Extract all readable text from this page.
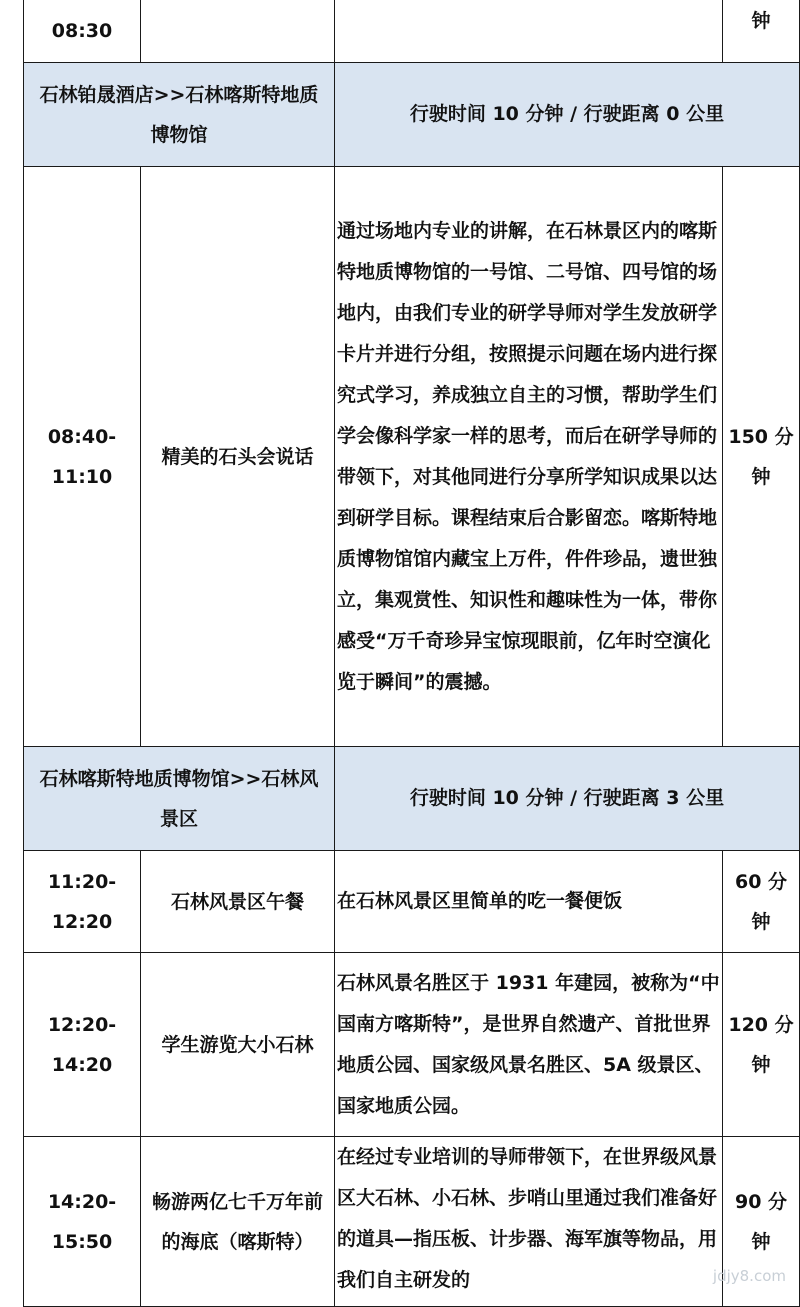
08:30			钟

石林铂晟酒店>>石林喀斯特地质博物馆		行驶时间 10 分钟 / 行驶距离 0 公里	

08:40-11:10	精美的石头会说话	通过场地内专业的讲解，在石林景区内的喀斯特地质博物馆的一号馆、二号馆、四号馆的场地内，由我们专业的研学导师对学生发放研学卡片并进行分组，按照提示问题在场内进行探究式学习，养成独立自主的习惯，帮助学生们学会像科学家一样的思考，而后在研学导师的带领下，对其他同进行分享所学知识成果以达到研学目标。课程结束后合影留恋。喀斯特地质博物馆馆内藏宝上万件，件件珍品，遗世独立，集观赏性、知识性和趣味性为一体，带你感受“万千奇珍异宝惊现眼前，亿年时空演化览于瞬间”的震撼。	150 分钟

石林喀斯特地质博物馆>>石林风景区		行驶时间 10 分钟 / 行驶距离 3 公里	

11:20-12:20	石林风景区午餐	在石林风景区里简单的吃一餐便饭	60 分钟

12:20-14:20	学生游览大小石林	石林风景名胜区于 1931 年建园，被称为“中国南方喀斯特”，是世界自然遗产、首批世界地质公园、国家级风景名胜区、5A 级景区、国家地质公园。	120 分钟

14:20-15:50	畅游两亿七千万年前的海底（喀斯特）	在经过专业培训的导师带领下，在世界级风景区大石林、小石林、步哨山里通过我们准备好的道具—指压板、计步器、海军旗等物品，用我们自主研发的	90 分钟
jdjy8.com
